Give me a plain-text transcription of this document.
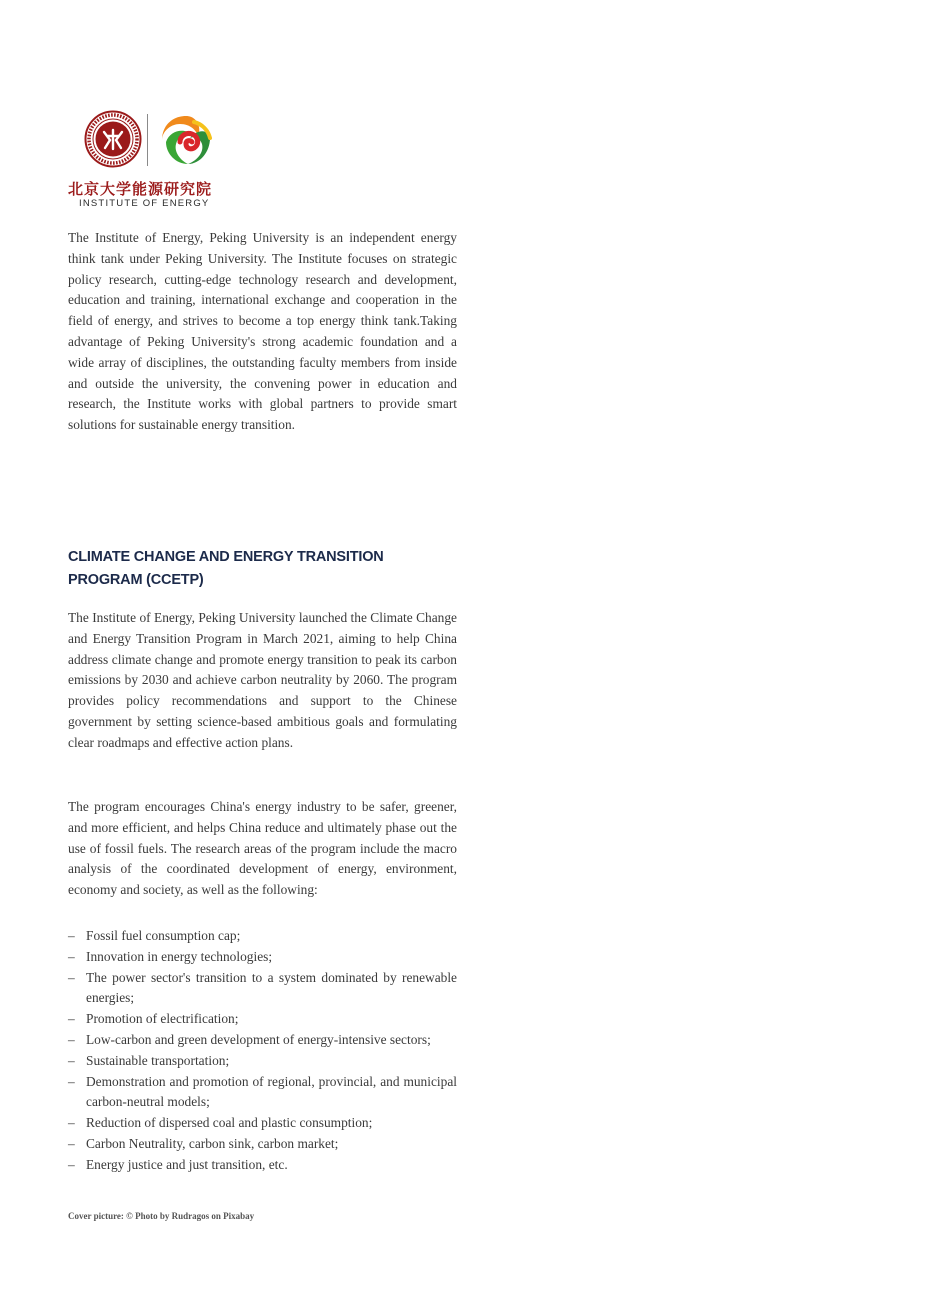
北京大学能源研究院
INSTITUTE OF ENERGY

The Institute of Energy, Peking University is an independent energy think tank under Peking University. The Institute focuses on strategic policy research, cutting-edge technology research and development, education and training, international exchange and cooperation in the field of energy, and strives to become a top energy think tank.Taking advantage of Peking University's strong academic foundation and a wide array of disciplines, the outstanding faculty members from inside and outside the university, the convening power in education and research, the Institute works with global partners to provide smart solutions for sustainable energy transition.

CLIMATE CHANGE AND ENERGY TRANSITION PROGRAM (CCETP)

The Institute of Energy, Peking University launched the Climate Change and Energy Transition Program in March 2021, aiming to help China address climate change and promote energy transition to peak its carbon emissions by 2030 and achieve carbon neutrality by 2060. The program provides policy recommendations and support to the Chinese government by setting science-based ambitious goals and formulating clear roadmaps and effective action plans.

The program encourages China's energy industry to be safer, greener, and more efficient, and helps China reduce and ultimately phase out the use of fossil fuels. The research areas of the program include the macro analysis of the coordinated development of energy, environment, economy and society, as well as the following:

– Fossil fuel consumption cap;
– Innovation in energy technologies;
– The power sector's transition to a system dominated by renewable energies;
– Promotion of electrification;
– Low-carbon and green development of energy-intensive sectors;
– Sustainable transportation;
– Demonstration and promotion of regional, provincial, and municipal carbon-neutral models;
– Reduction of dispersed coal and plastic consumption;
– Carbon Neutrality, carbon sink, carbon market;
– Energy justice and just transition, etc.
Cover picture: © Photo by Rudragos on Pixabay
